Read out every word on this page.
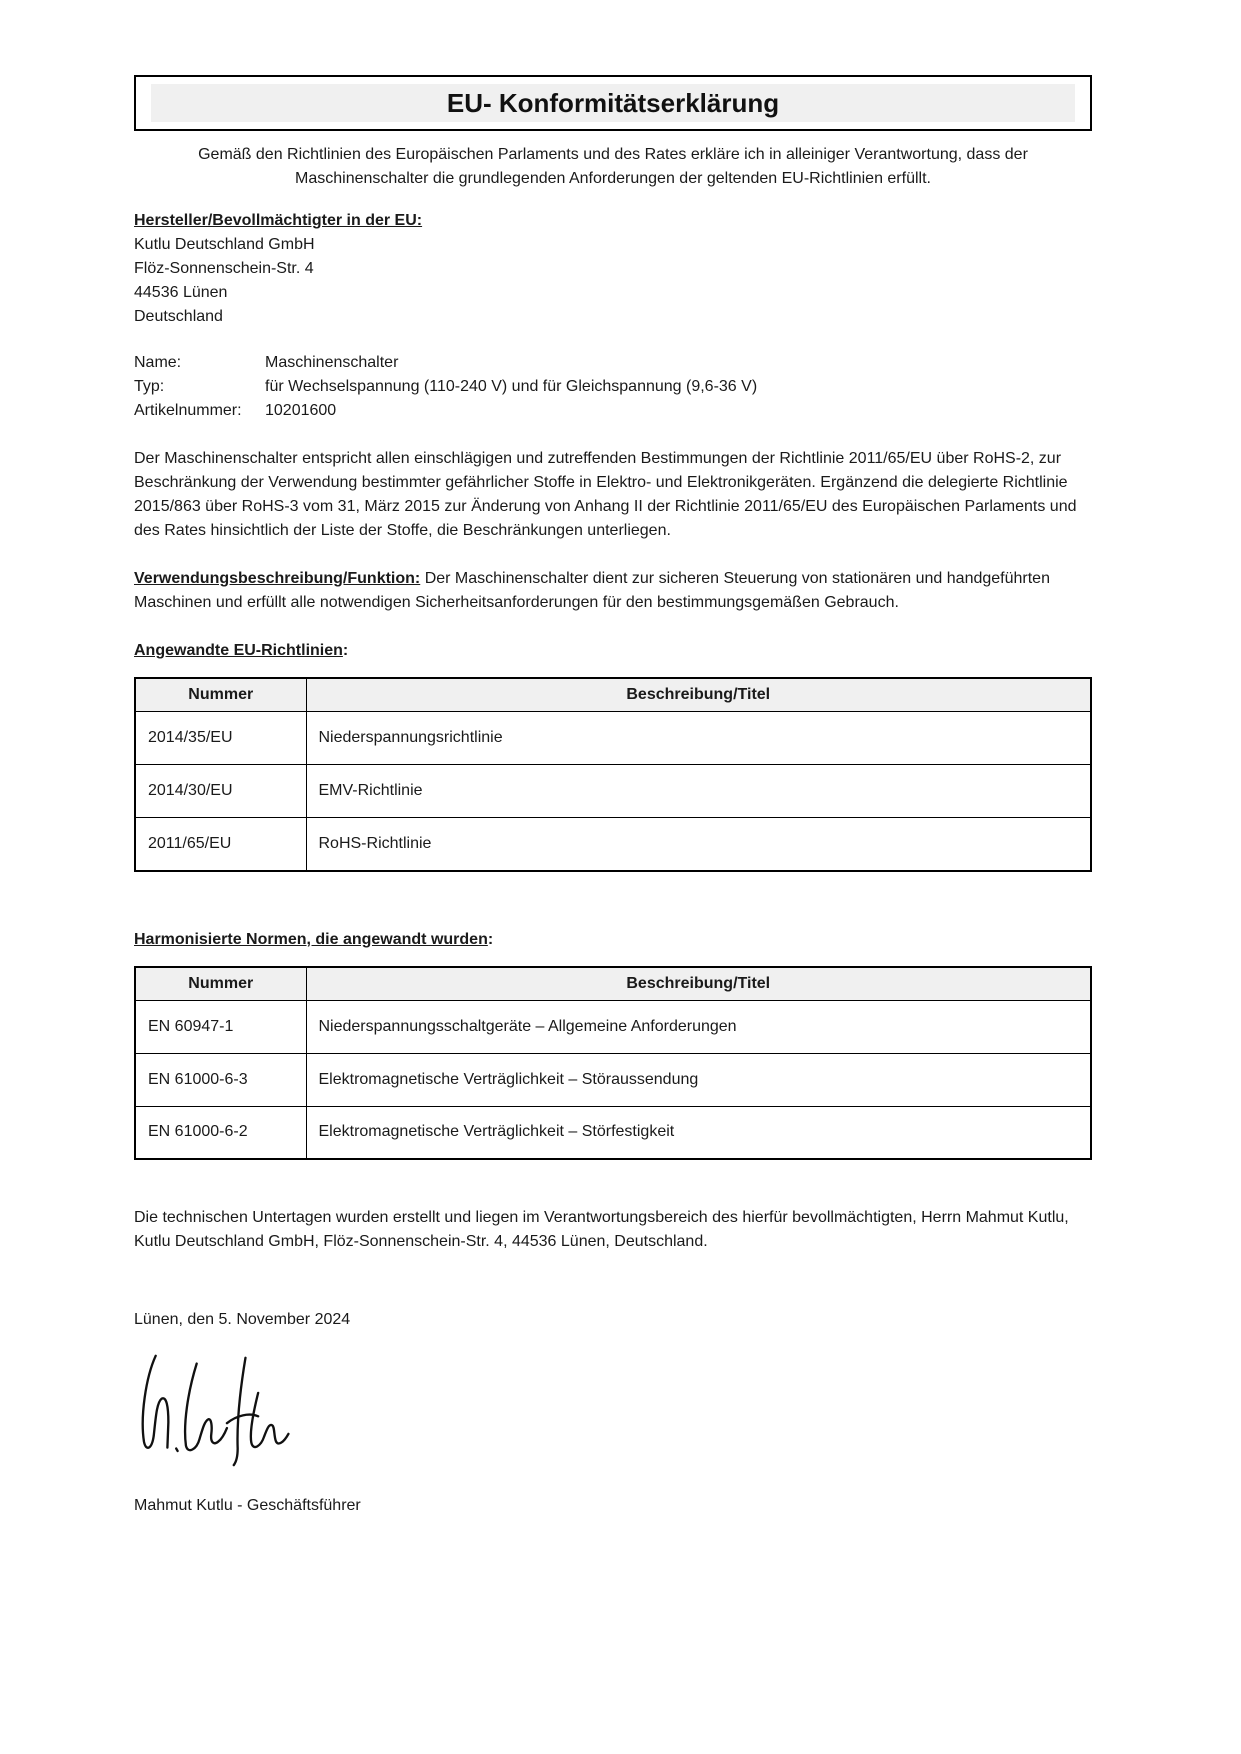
EU- Konformitätserklärung

Gemäß den Richtlinien des Europäischen Parlaments und des Rates erkläre ich in alleiniger Verantwortung, dass der Maschinenschalter die grundlegenden Anforderungen der geltenden EU-Richtlinien erfüllt.

Hersteller/Bevollmächtigter in der EU:
Kutlu Deutschland GmbH
Flöz-Sonnenschein-Str. 4
44536 Lünen
Deutschland
Name:	Maschinenschalter
Typ:	für Wechselspannung (110-240 V) und für Gleichspannung (9,6-36 V)
Artikelnummer:	10201600

Der Maschinenschalter entspricht allen einschlägigen und zutreffenden Bestimmungen der Richtlinie 2011/65/EU über RoHS-2, zur Beschränkung der Verwendung bestimmter gefährlicher Stoffe in Elektro- und Elektronikgeräten. Ergänzend die delegierte Richtlinie 2015/863 über RoHS-3 vom 31, März 2015 zur Änderung von Anhang II der Richtlinie 2011/65/EU des Europäischen Parlaments und des Rates hinsichtlich der Liste der Stoffe, die Beschränkungen unterliegen.

Verwendungsbeschreibung/Funktion: Der Maschinenschalter dient zur sicheren Steuerung von stationären und handgeführten Maschinen und erfüllt alle notwendigen Sicherheitsanforderungen für den bestimmungsgemäßen Gebrauch.

Angewandte EU-Richtlinien:

Nummer	Beschreibung/Titel
2014/35/EU	Niederspannungsrichtlinie
2014/30/EU	EMV-Richtlinie
2011/65/EU	RoHS-Richtlinie

Harmonisierte Normen, die angewandt wurden:

Nummer	Beschreibung/Titel
EN 60947-1	Niederspannungsschaltgeräte – Allgemeine Anforderungen
EN 61000-6-3	Elektromagnetische Verträglichkeit – Störaussendung
EN 61000-6-2	Elektromagnetische Verträglichkeit – Störfestigkeit

Die technischen Untertagen wurden erstellt und liegen im Verantwortungsbereich des hierfür bevollmächtigten, Herrn Mahmut Kutlu, Kutlu Deutschland GmbH, Flöz-Sonnenschein-Str. 4, 44536 Lünen, Deutschland.

Lünen, den 5. November 2024

Mahmut Kutlu - Geschäftsführer
